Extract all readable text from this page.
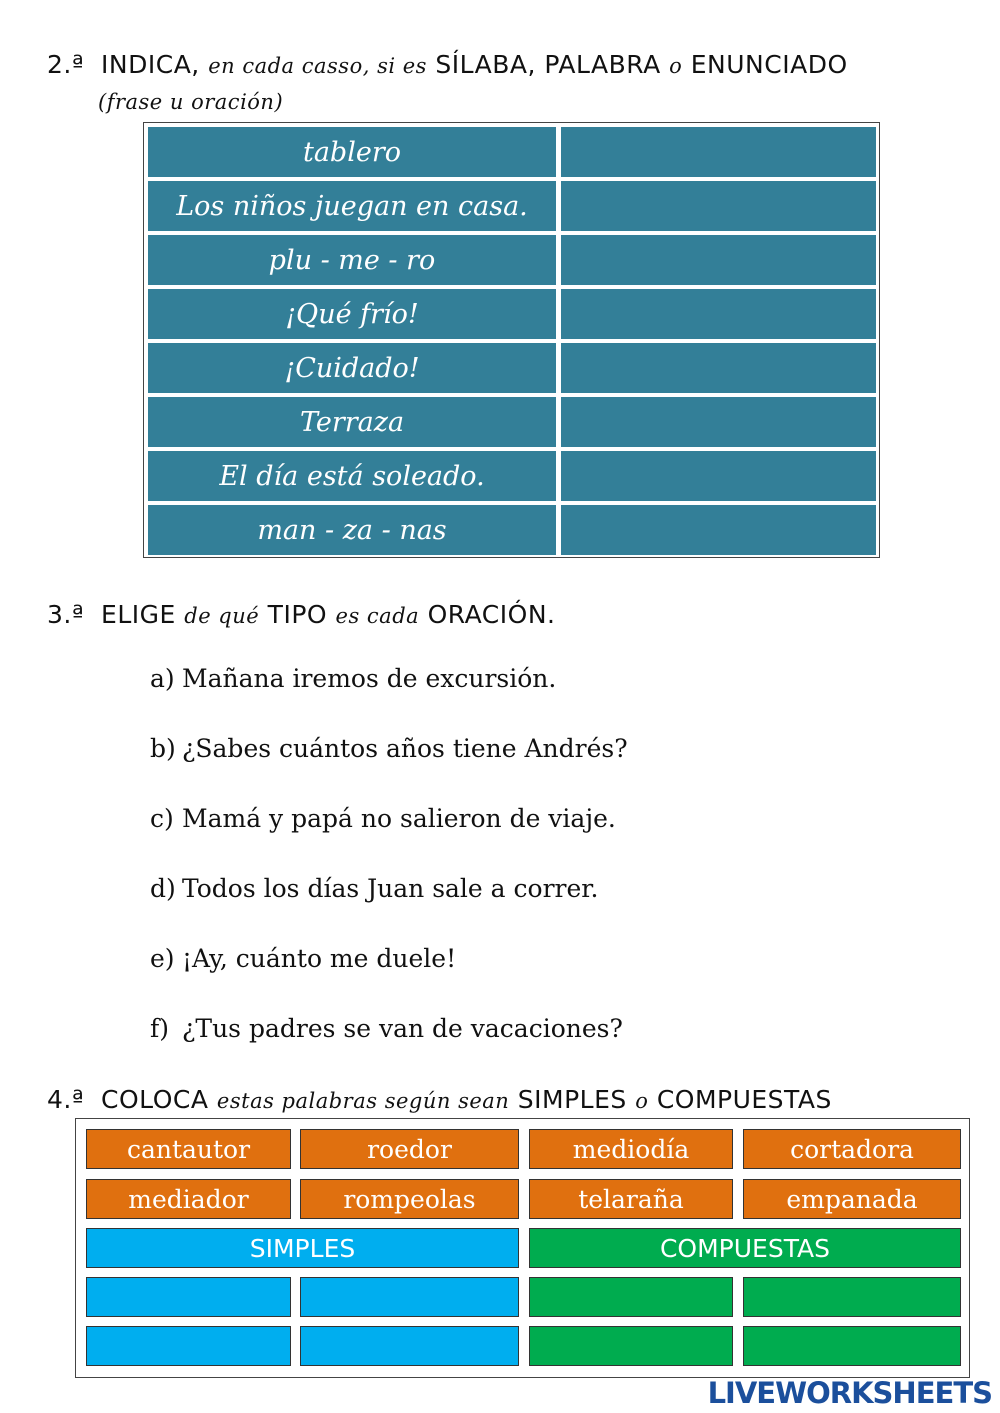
2.ª INDICA, en cada casso, si es SÍLABA, PALABRA o ENUNCIADO
(frase u oración)
tablero
Los niños juegan en casa.
plu - me - ro
¡Qué frío!
¡Cuidado!
Terraza
El día está soleado.
man - za - nas
3.ª ELIGE de qué TIPO es cada ORACIÓN.
a) Mañana iremos de excursión.
b) ¿Sabes cuántos años tiene Andrés?
c) Mamá y papá no salieron de viaje.
d) Todos los días Juan sale a correr.
e) ¡Ay, cuánto me duele!
f) ¿Tus padres se van de vacaciones?
4.ª COLOCA estas palabras según sean SIMPLES o COMPUESTAS
cantautor	roedor	mediodía	cortadora
mediador	rompeolas	telaraña	empanada
SIMPLES	COMPUESTAS
LIVEWORKSHEETS
